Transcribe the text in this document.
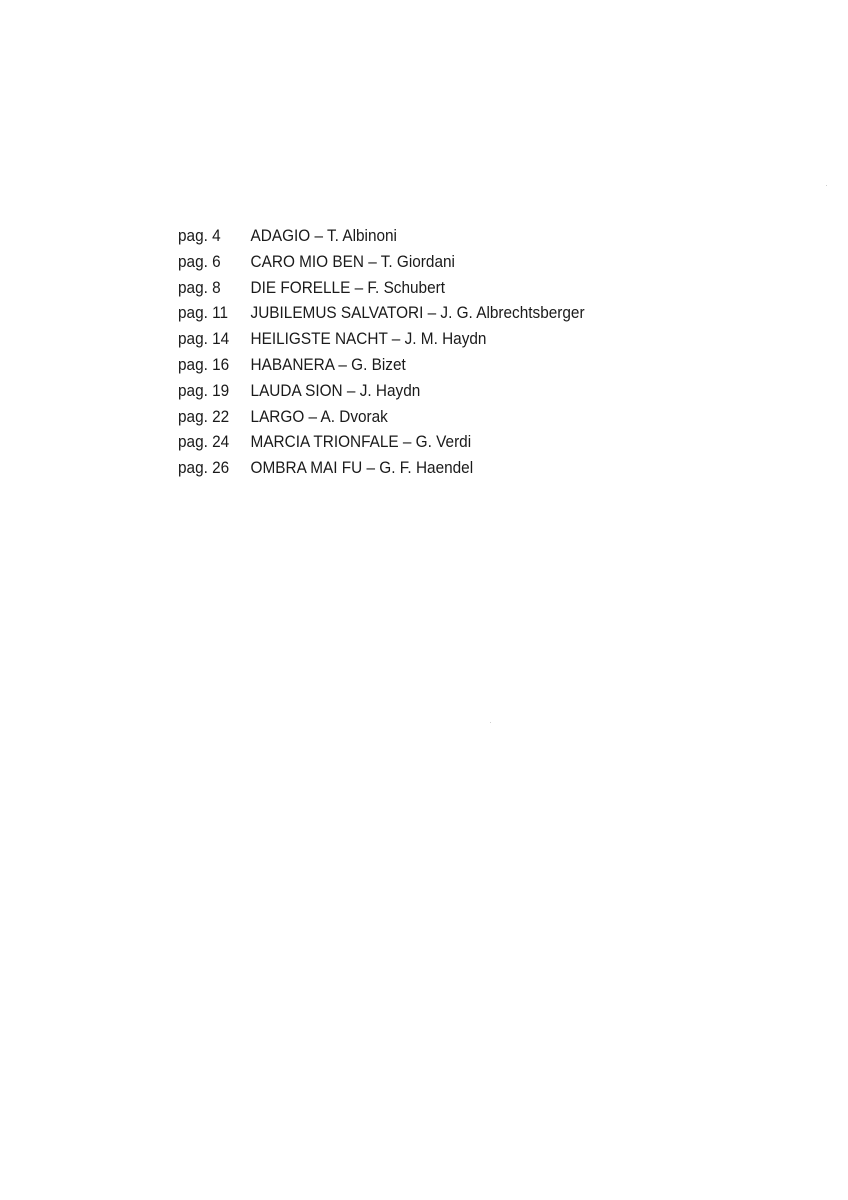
pag. 4 ADAGIO – T. Albinoni
pag. 6 CARO MIO BEN – T. Giordani
pag. 8 DIE FORELLE – F. Schubert
pag. 11 JUBILEMUS SALVATORI – J. G. Albrechtsberger
pag. 14 HEILIGSTE NACHT – J. M. Haydn
pag. 16 HABANERA – G. Bizet
pag. 19 LAUDA SION – J. Haydn
pag. 22 LARGO – A. Dvorak
pag. 24 MARCIA TRIONFALE – G. Verdi
pag. 26 OMBRA MAI FU – G. F. Haendel
